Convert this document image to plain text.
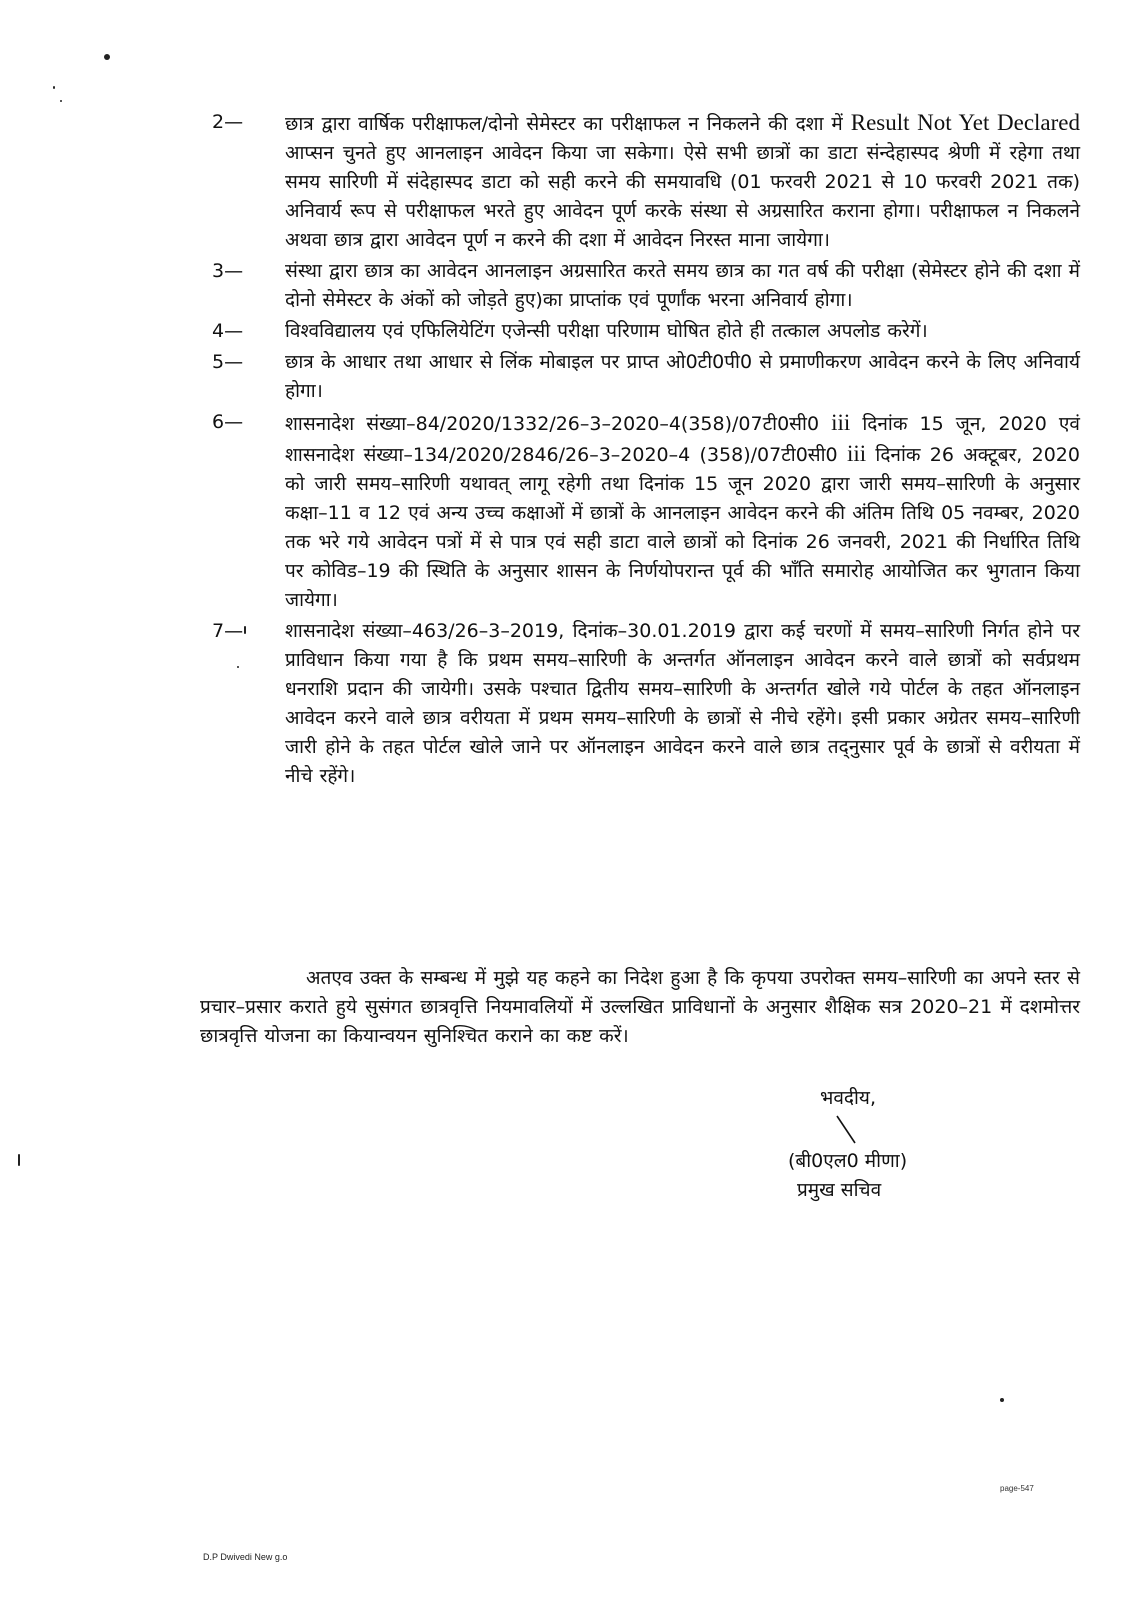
2— छात्र द्वारा वार्षिक परीक्षाफल/दोनो सेमेस्टर का परीक्षाफल न निकलने की दशा में Result Not Yet Declared आप्सन चुनते हुए आनलाइन आवेदन किया जा सकेगा। ऐसे सभी छात्रों का डाटा संन्देहास्पद श्रेणी में रहेगा तथा समय सारिणी में संदेहास्पद डाटा को सही करने की समयावधि (01 फरवरी 2021 से 10 फरवरी 2021 तक) अनिवार्य रूप से परीक्षाफल भरते हुए आवेदन पूर्ण करके संस्था से अग्रसारित कराना होगा। परीक्षाफल न निकलने अथवा छात्र द्वारा आवेदन पूर्ण न करने की दशा में आवेदन निरस्त माना जायेगा।
3— संस्था द्वारा छात्र का आवेदन आनलाइन अग्रसारित करते समय छात्र का गत वर्ष की परीक्षा (सेमेस्टर होने की दशा में दोनो सेमेस्टर के अंकों को जोड़ते हुए)का प्राप्तांक एवं पूर्णांक भरना अनिवार्य होगा।
4— विश्वविद्यालय एवं एफिलियेटिंग एजेन्सी परीक्षा परिणाम घोषित होते ही तत्काल अपलोड करेगें।
5— छात्र के आधार तथा आधार से लिंक मोबाइल पर प्राप्त ओ0टी0पी0 से प्रमाणीकरण आवेदन करने के लिए अनिवार्य होगा।
6— शासनादेश संख्या–84/2020/1332/26–3–2020–4(358)/07टी0सी0 iii दिनांक 15 जून, 2020 एवं शासनादेश संख्या–134/2020/2846/26–3–2020–4 (358)/07टी0सी0 iii दिनांक 26 अक्टूबर, 2020 को जारी समय–सारिणी यथावत् लागू रहेगी तथा दिनांक 15 जून 2020 द्वारा जारी समय–सारिणी के अनुसार कक्षा–11 व 12 एवं अन्य उच्च कक्षाओं में छात्रों के आनलाइन आवेदन करने की अंतिम तिथि 05 नवम्बर, 2020 तक भरे गये आवेदन पत्रों में से पात्र एवं सही डाटा वाले छात्रों को दिनांक 26 जनवरी, 2021 की निर्धारित तिथि पर कोविड–19 की स्थिति के अनुसार शासन के निर्णयोपरान्त पूर्व की भाँति समारोह आयोजित कर भुगतान किया जायेगा।
7— शासनादेश संख्या–463/26–3–2019, दिनांक–30.01.2019 द्वारा कई चरणों में समय–सारिणी निर्गत होने पर प्राविधान किया गया है कि प्रथम समय–सारिणी के अन्तर्गत ऑनलाइन आवेदन करने वाले छात्रों को सर्वप्रथम धनराशि प्रदान की जायेगी। उसके पश्चात द्वितीय समय–सारिणी के अन्तर्गत खोले गये पोर्टल के तहत ऑनलाइन आवेदन करने वाले छात्र वरीयता में प्रथम समय–सारिणी के छात्रों से नीचे रहेंगे। इसी प्रकार अग्रेतर समय–सारिणी जारी होने के तहत पोर्टल खोले जाने पर ऑनलाइन आवेदन करने वाले छात्र तद्नुसार पूर्व के छात्रों से वरीयता में नीचे रहेंगे।
अतएव उक्त के सम्बन्ध में मुझे यह कहने का निदेश हुआ है कि कृपया उपरोक्त समय–सारिणी का अपने स्तर से प्रचार–प्रसार कराते हुये सुसंगत छात्रवृत्ति नियमावलियों में उल्लखित प्राविधानों के अनुसार शैक्षिक सत्र 2020–21 में दशमोत्तर छात्रवृत्ति योजना का कियान्वयन सुनिश्चित कराने का कष्ट करें।
भवदीय,
(बी0एल0 मीणा)
प्रमुख सचिव
D.P Dwivedi New g.o
page-547
